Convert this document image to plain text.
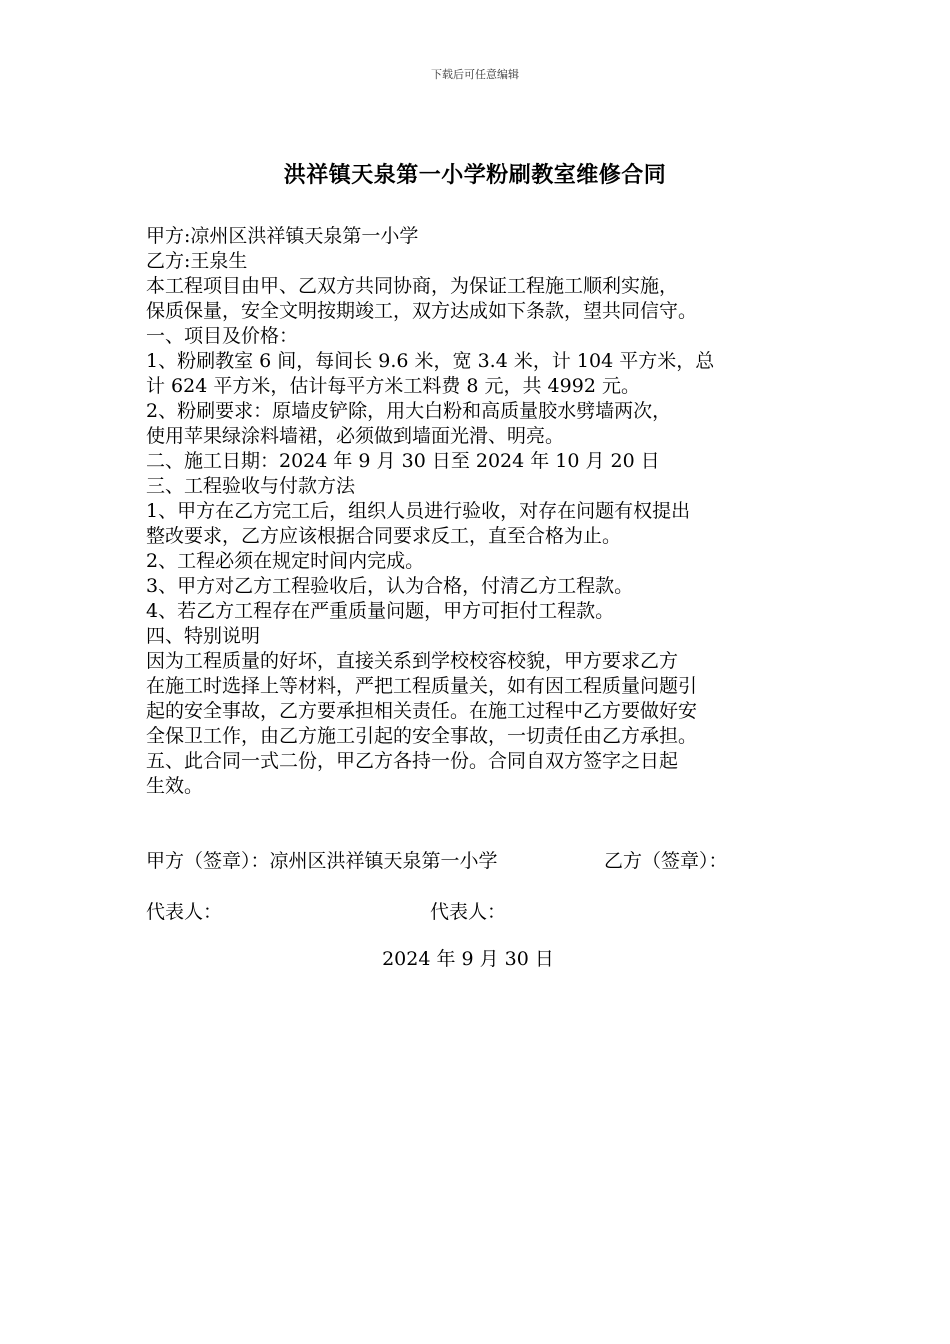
下载后可任意编辑
洪祥镇天泉第一小学粉刷教室维修合同
甲方:凉州区洪祥镇天泉第一小学
乙方:王泉生
本工程项目由甲、乙双方共同协商，为保证工程施工顺利实施，
保质保量，安全文明按期竣工，双方达成如下条款，望共同信守。
一、项目及价格：
1、粉刷教室 6 间，每间长 9.6 米，宽 3.4 米，计 104 平方米，总
计 624 平方米，估计每平方米工料费 8 元，共 4992 元。
2、粉刷要求：原墙皮铲除，用大白粉和高质量胶水劈墙两次，
使用苹果绿涂料墙裙，必须做到墙面光滑、明亮。
二、施工日期：2024 年 9 月 30 日至 2024 年 10 月 20 日
三、工程验收与付款方法
1、甲方在乙方完工后，组织人员进行验收，对存在问题有权提出
整改要求，乙方应该根据合同要求反工，直至合格为止。
2、工程必须在规定时间内完成。
3、甲方对乙方工程验收后，认为合格，付清乙方工程款。
4、若乙方工程存在严重质量问题，甲方可拒付工程款。
四、特别说明
因为工程质量的好坏，直接关系到学校校容校貌，甲方要求乙方
在施工时选择上等材料，严把工程质量关，如有因工程质量问题引
起的安全事故，乙方要承担相关责任。在施工过程中乙方要做好安
全保卫工作，由乙方施工引起的安全事故，一切责任由乙方承担。
五、此合同一式二份，甲乙方各持一份。合同自双方签字之日起
生效。
甲方（签章）：凉州区洪祥镇天泉第一小学	乙方（签章）：
代表人：	代表人：
2024 年 9 月 30 日
